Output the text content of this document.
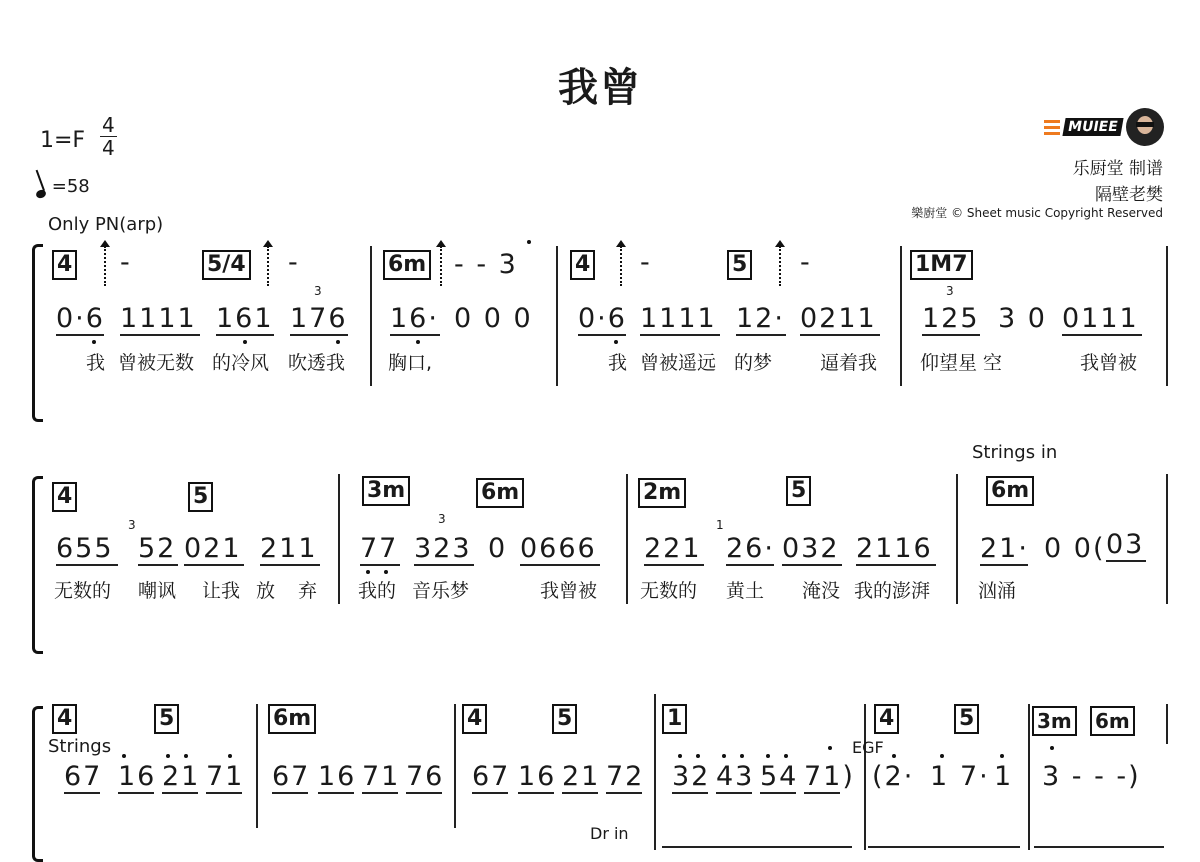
我曾
$1=F \frac{4}{4}$
=58
MUIEE
乐厨堂 制谱
隔壁老樊
樂廚堂 © Sheet music Copyright Reserved
Only PN(arp)
4	5/4	6m	4	5	1M7
-	-	- - 3	-	-
0·6 1111 161 176 16· 0 0 0 0·6 1111 12· 0211 125 3 0 0111
3	3
我 曾被无数 的冷风 吹透我 胸口,	我 曾被遥远 的梦	逼着我 仰望星 空	我曾被
Strings in
4	5	3m	6m	2m	5	6m
3	1
3
655 52 021 211 77 323 0 0666 221 26· 032 2116 21· 0 0( 03
无数的 嘲讽 让我 放 弃 我的 音乐梦	我曾被 无数的 黄土 淹没 我的澎湃	汹涌
4	5	6m	4	5	1	4	5	3m 6m
Strings	EGF
Dr in
67 16 21 71 67 16 71 76 67 16 21 72 32 43 54 71) (2· 1 7· 1 3 - - -)
